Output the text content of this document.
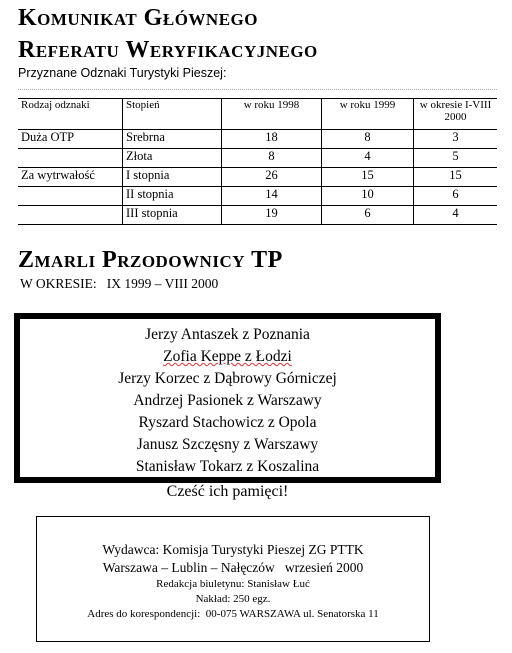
Komunikat Głównego
Referatu Weryfikacyjnego
Przyznane Odznaki Turystyki Pieszej:
Rodzaj odznaki	Stopień	w roku 1998	w roku 1999	w okresie I-VIII 2000
Duża OTP	Srebrna	18	8	3
	Złota	8	4	5
Za wytrwałość	I stopnia	26	15	15
	II stopnia	14	10	6
	III stopnia	19	6	4
Zmarli Przodownicy TP
W OKRESIE:   IX 1999 – VIII 2000
Jerzy Antaszek z Poznania
Zofia Keppe z Łodzi
Jerzy Korzec z Dąbrowy Górniczej
Andrzej Pasionek z Warszawy
Ryszard Stachowicz z Opola
Janusz Szczęsny z Warszawy
Stanisław Tokarz z Koszalina
Cześć ich pamięci!
Wydawca: Komisja Turystyki Pieszej ZG PTTK
Warszawa – Lublin – Nałęczów   wrzesień 2000
Redakcja biuletynu: Stanisław Łuć
Nakład: 250 egz.
Adres do korespondencji:  00-075 WARSZAWA ul. Senatorska 11
